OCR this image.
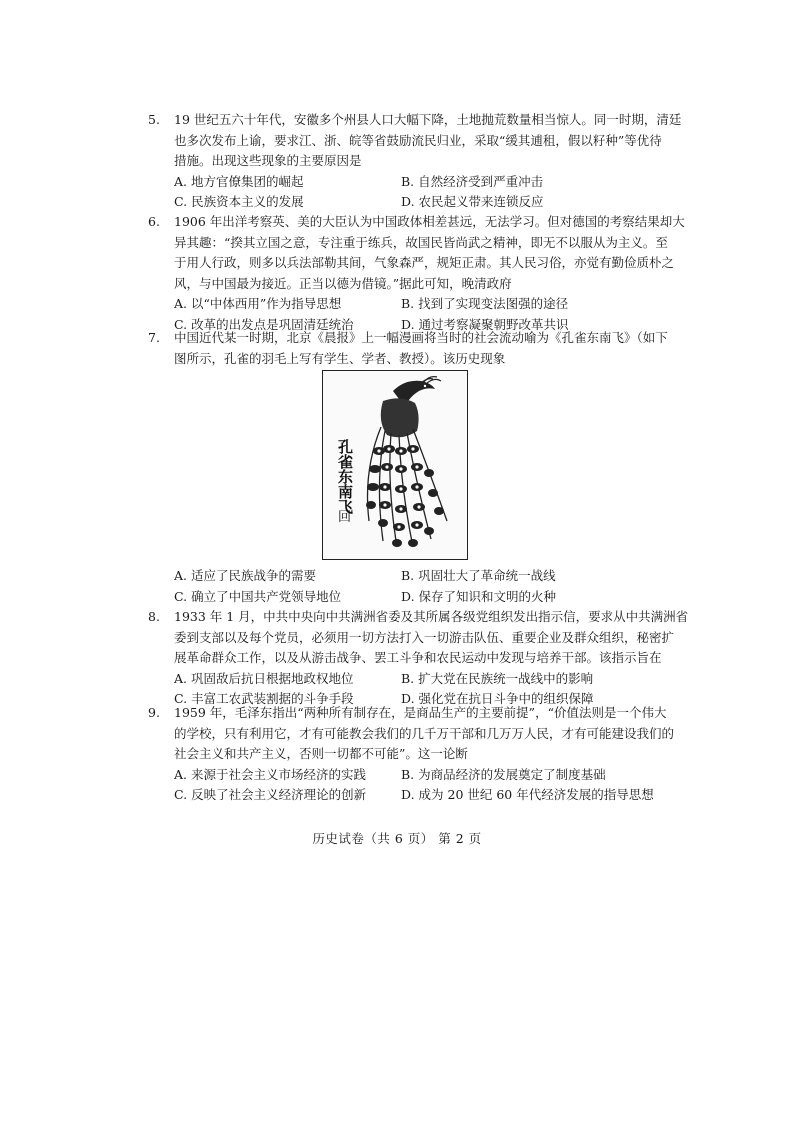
5. 19 世纪五六十年代，安徽多个州县人口大幅下降，土地抛荒数量相当惊人。同一时期，清廷
也多次发布上谕，要求江、浙、皖等省鼓励流民归业，采取“缓其逋租，假以籽种”等优待
措施。出现这些现象的主要原因是
A. 地方官僚集团的崛起	B. 自然经济受到严重冲击
C. 民族资本主义的发展	D. 农民起义带来连锁反应
6. 1906 年出洋考察英、美的大臣认为中国政体相差甚远，无法学习。但对德国的考察结果却大
异其趣：“揆其立国之意，专注重于练兵，故国民皆尚武之精神，即无不以服从为主义。至
于用人行政，则多以兵法部勒其间，气象森严，规矩正肃。其人民习俗，亦觉有勤俭质朴之
风，与中国最为接近。正当以德为借镜。”据此可知，晚清政府
A. 以“中体西用”作为指导思想	B. 找到了实现变法图强的途径
C. 改革的出发点是巩固清廷统治	D. 通过考察凝聚朝野改革共识
7. 中国近代某一时期，北京《晨报》上一幅漫画将当时的社会流动喻为《孔雀东南飞》（如下
图所示，孔雀的羽毛上写有学生、学者、教授）。该历史现象
孔雀东南飞
回
A. 适应了民族战争的需要	B. 巩固壮大了革命统一战线
C. 确立了中国共产党领导地位	D. 保存了知识和文明的火种
8. 1933 年 1 月，中共中央向中共满洲省委及其所属各级党组织发出指示信，要求从中共满洲省
委到支部以及每个党员，必须用一切方法打入一切游击队伍、重要企业及群众组织，秘密扩
展革命群众工作，以及从游击战争、罢工斗争和农民运动中发现与培养干部。该指示旨在
A. 巩固敌后抗日根据地政权地位	B. 扩大党在民族统一战线中的影响
C. 丰富工农武装割据的斗争手段	D. 强化党在抗日斗争中的组织保障
9. 1959 年，毛泽东指出“两种所有制存在，是商品生产的主要前提”，“价值法则是一个伟大
的学校，只有利用它，才有可能教会我们的几千万干部和几万万人民，才有可能建设我们的
社会主义和共产主义，否则一切都不可能”。这一论断
A. 来源于社会主义市场经济的实践	B. 为商品经济的发展奠定了制度基础
C. 反映了社会主义经济理论的创新	D. 成为 20 世纪 60 年代经济发展的指导思想
历史试卷（共 6 页） 第 2 页
